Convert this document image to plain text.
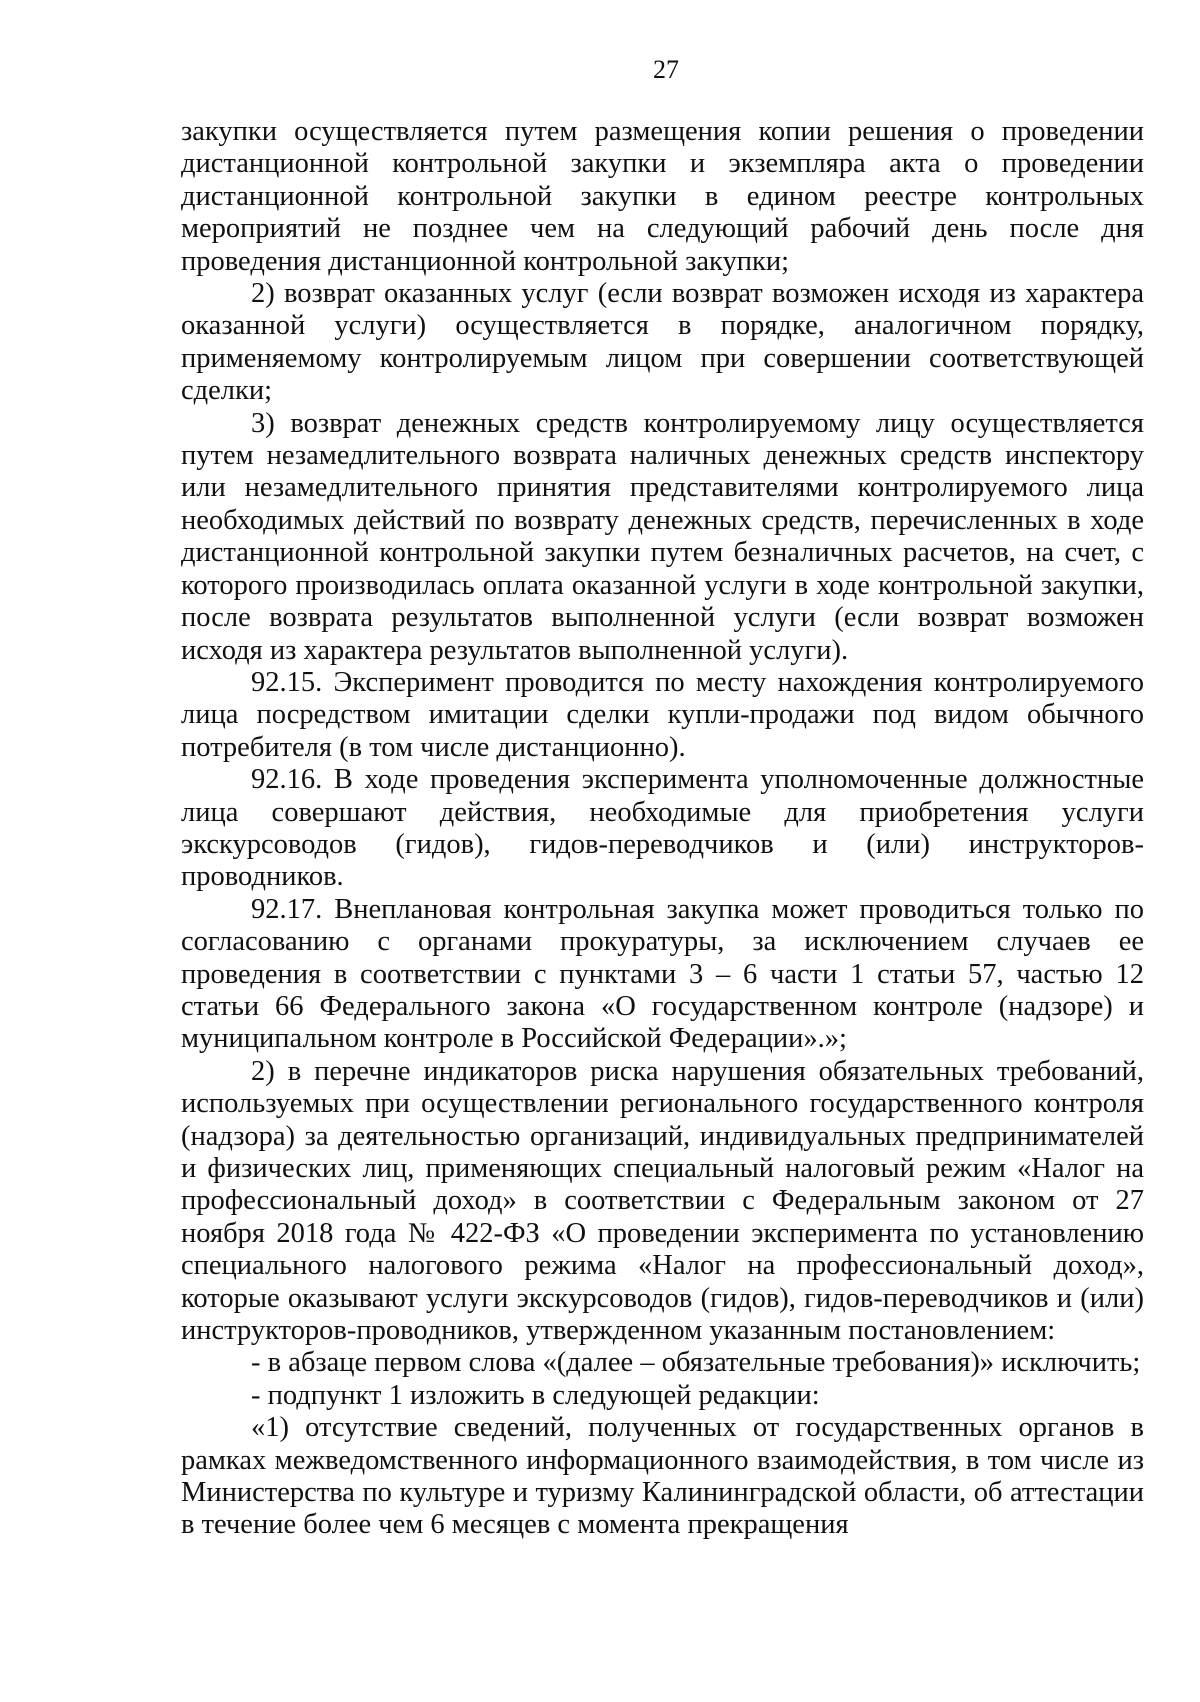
27

закупки осуществляется путем размещения копии решения о проведении дистанционной контрольной закупки и экземпляра акта о проведении дистанционной контрольной закупки в едином реестре контрольных мероприятий не позднее чем на следующий рабочий день после дня проведения дистанционной контрольной закупки;

2) возврат оказанных услуг (если возврат возможен исходя из характера оказанной услуги) осуществляется в порядке, аналогичном порядку, применяемому контролируемым лицом при совершении соответствующей сделки;

3) возврат денежных средств контролируемому лицу осуществляется путем незамедлительного возврата наличных денежных средств инспектору или незамедлительного принятия представителями контролируемого лица необходимых действий по возврату денежных средств, перечисленных в ходе дистанционной контрольной закупки путем безналичных расчетов, на счет, с которого производилась оплата оказанной услуги в ходе контрольной закупки, после возврата результатов выполненной услуги (если возврат возможен исходя из характера результатов выполненной услуги).

92.15. Эксперимент проводится по месту нахождения контролируемого лица посредством имитации сделки купли-продажи под видом обычного потребителя (в том числе дистанционно).

92.16. В ходе проведения эксперимента уполномоченные должностные лица совершают действия, необходимые для приобретения услуги экскурсоводов (гидов), гидов-переводчиков и (или) инструкторов-проводников.

92.17. Внеплановая контрольная закупка может проводиться только по согласованию с органами прокуратуры, за исключением случаев ее проведения в соответствии с пунктами 3 – 6 части 1 статьи 57, частью 12 статьи 66 Федерального закона «О государственном контроле (надзоре) и муниципальном контроле в Российской Федерации».»;

2) в перечне индикаторов риска нарушения обязательных требований, используемых при осуществлении регионального государственного контроля (надзора) за деятельностью организаций, индивидуальных предпринимателей и физических лиц, применяющих специальный налоговый режим «Налог на профессиональный доход» в соответствии с Федеральным законом от 27 ноября 2018 года № 422-ФЗ «О проведении эксперимента по установлению специального налогового режима «Налог на профессиональный доход», которые оказывают услуги экскурсоводов (гидов), гидов-переводчиков и (или) инструкторов-проводников, утвержденном указанным постановлением:

- в абзаце первом слова «(далее – обязательные требования)» исключить;

- подпункт 1 изложить в следующей редакции:

«1) отсутствие сведений, полученных от государственных органов в рамках межведомственного информационного взаимодействия, в том числе из Министерства по культуре и туризму Калининградской области, об аттестации в течение более чем 6 месяцев с момента прекращения
